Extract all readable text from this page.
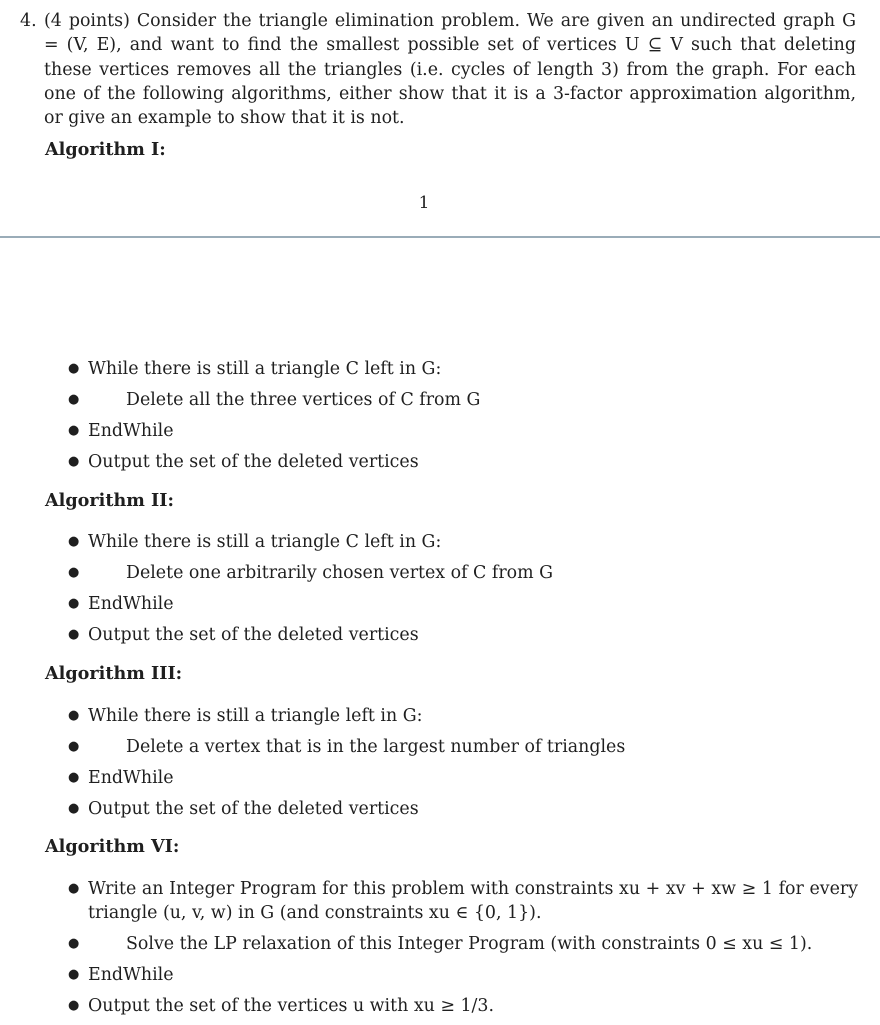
4. (4 points) Consider the triangle elimination problem. We are given an undirected graph G = (V, E), and want to find the smallest possible set of vertices U ⊆ V such that deleting these vertices removes all the triangles (i.e. cycles of length 3) from the graph. For each one of the following algorithms, either show that it is a 3-factor approximation algorithm, or give an example to show that it is not.
Algorithm I:
1
● While there is still a triangle C left in G:
●	Delete all the three vertices of C from G
● EndWhile
● Output the set of the deleted vertices
Algorithm II:
● While there is still a triangle C left in G:
●	Delete one arbitrarily chosen vertex of C from G
● EndWhile
● Output the set of the deleted vertices
Algorithm III:
● While there is still a triangle left in G:
●	Delete a vertex that is in the largest number of triangles
● EndWhile
● Output the set of the deleted vertices
Algorithm VI:
● Write an Integer Program for this problem with constraints xu + xv + xw ≥ 1 for every triangle (u, v, w) in G (and constraints xu ∈ {0, 1}).
●	Solve the LP relaxation of this Integer Program (with constraints 0 ≤ xu ≤ 1).
● EndWhile
● Output the set of the vertices u with xu ≥ 1/3.
